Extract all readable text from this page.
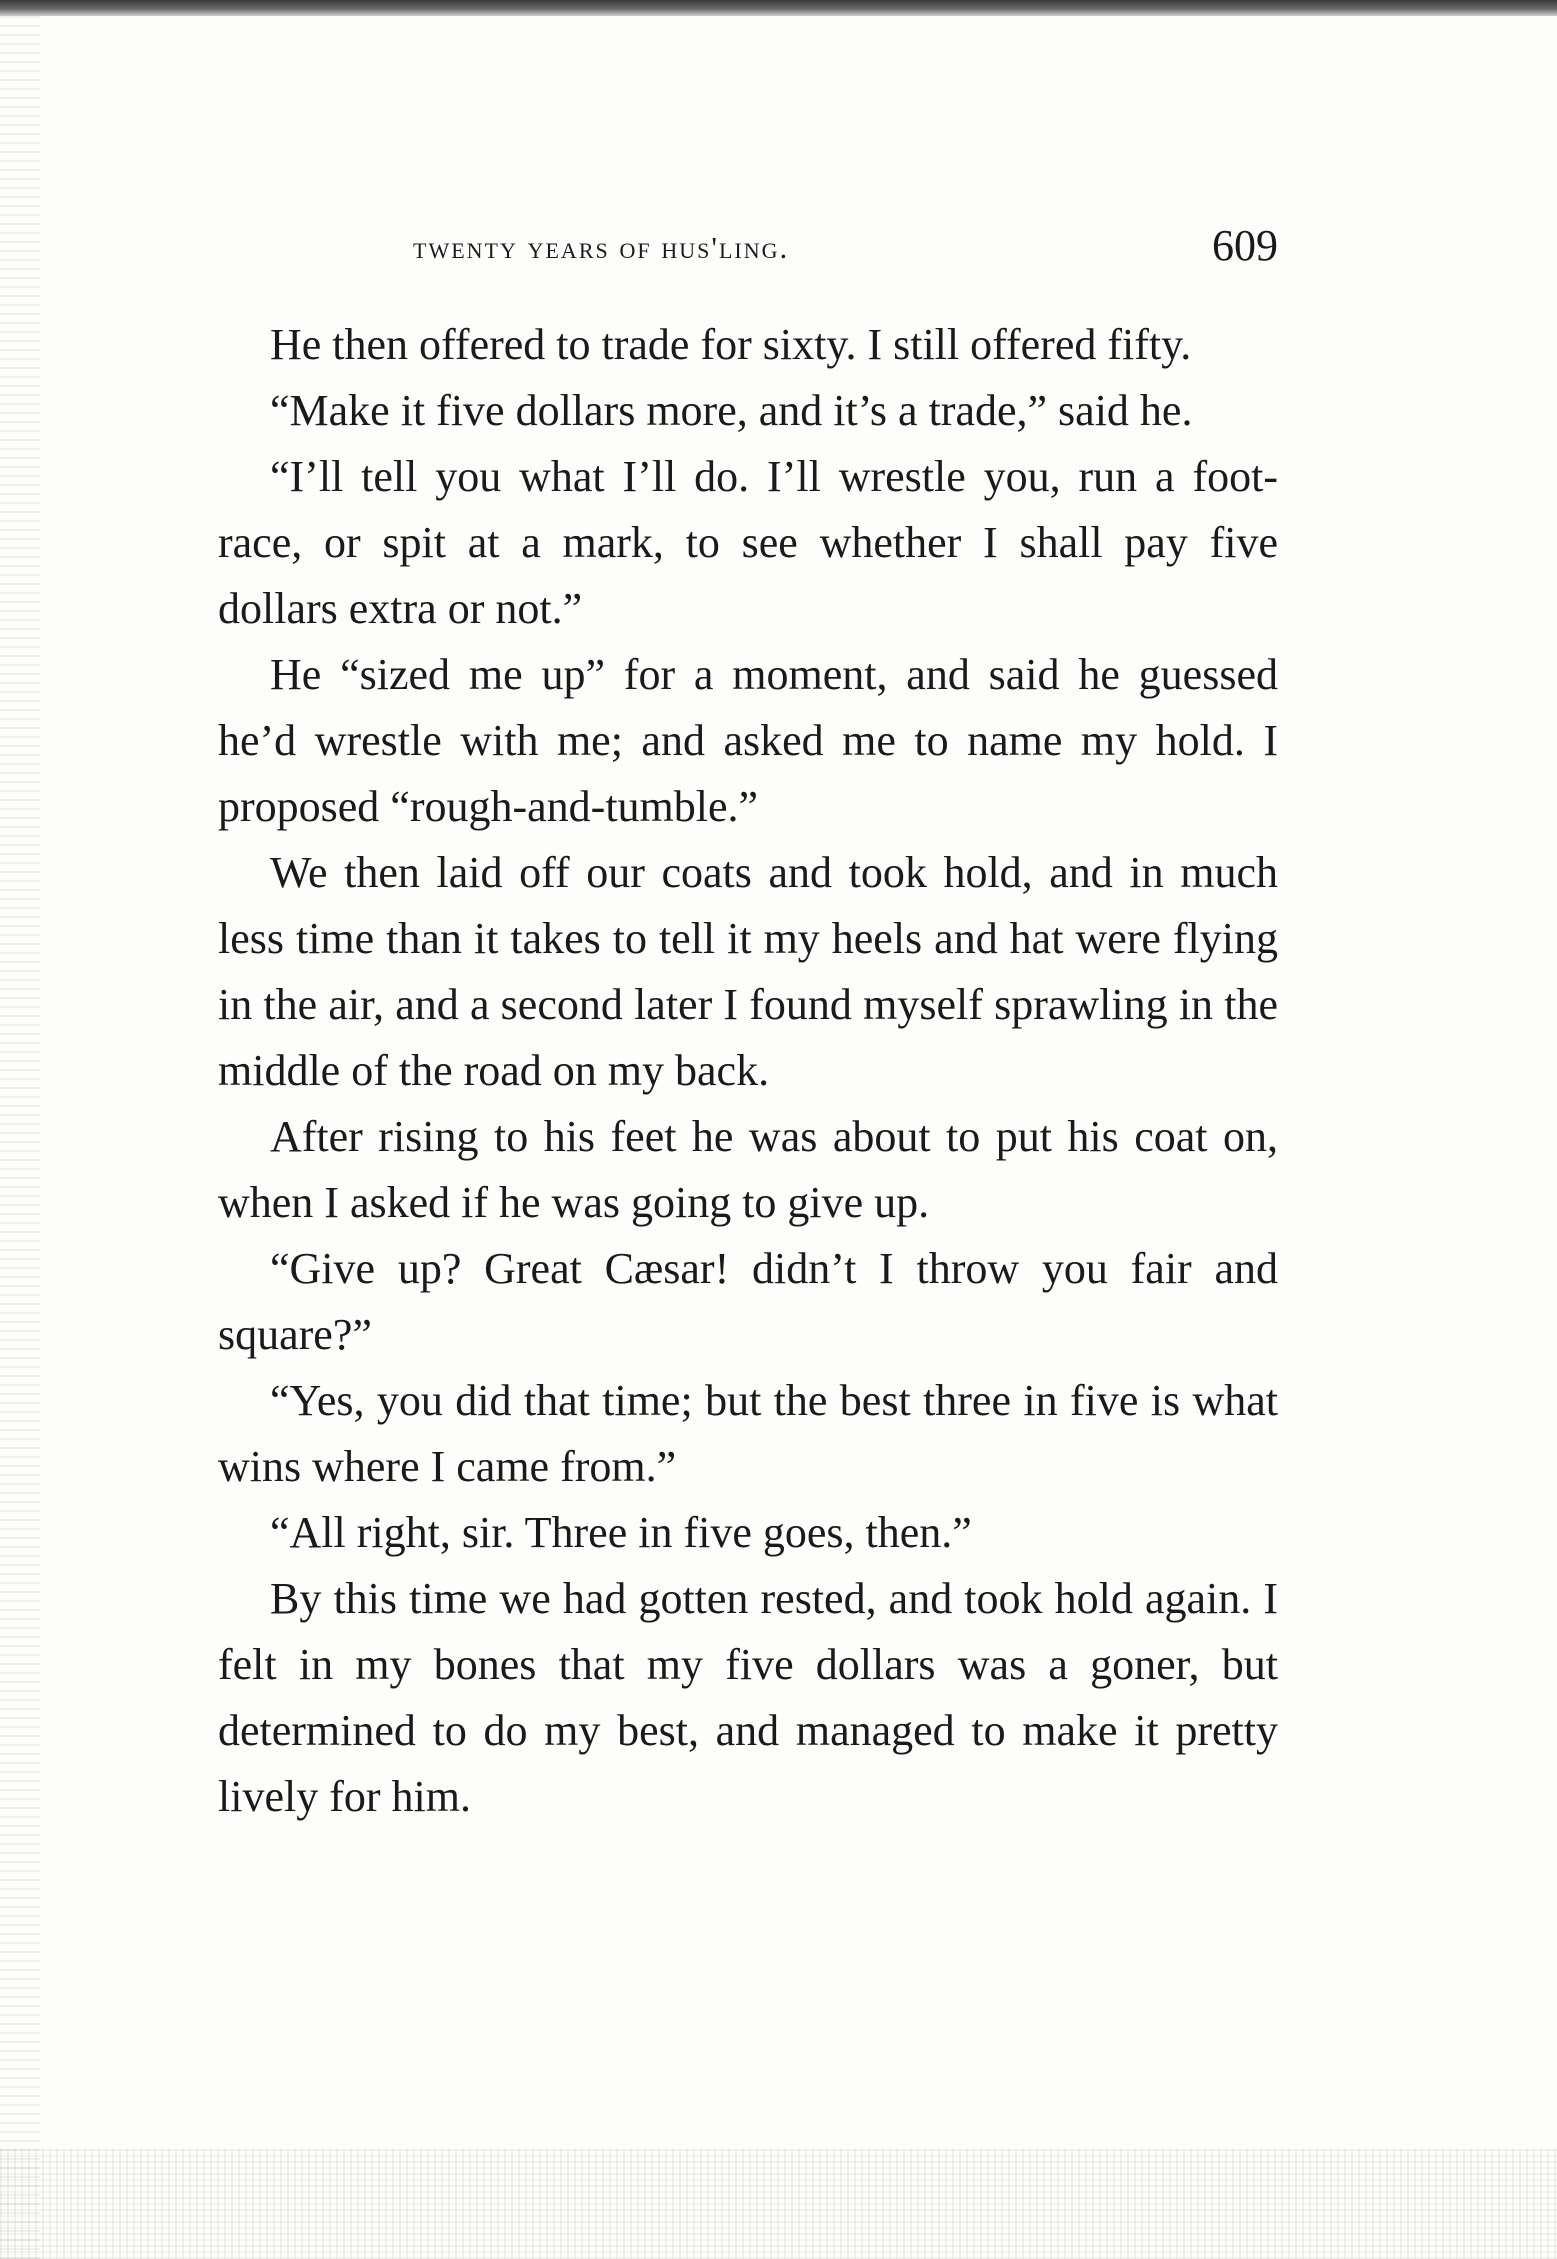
twenty years of hus'ling.	609

He then offered to trade for sixty. I still offered fifty.

“Make it five dollars more, and it’s a trade,” said he.

“I’ll tell you what I’ll do. I’ll wrestle you, run a foot-race, or spit at a mark, to see whether I shall pay five dollars extra or not.”

He “sized me up” for a moment, and said he guessed he’d wrestle with me; and asked me to name my hold. I proposed “rough-and-tumble.”

We then laid off our coats and took hold, and in much less time than it takes to tell it my heels and hat were flying in the air, and a second later I found myself sprawling in the middle of the road on my back.

After rising to his feet he was about to put his coat on, when I asked if he was going to give up.

“Give up? Great Cæsar! didn’t I throw you fair and square?”

“Yes, you did that time; but the best three in five is what wins where I came from.”

“All right, sir. Three in five goes, then.”

By this time we had gotten rested, and took hold again. I felt in my bones that my five dollars was a goner, but determined to do my best, and managed to make it pretty lively for him.
